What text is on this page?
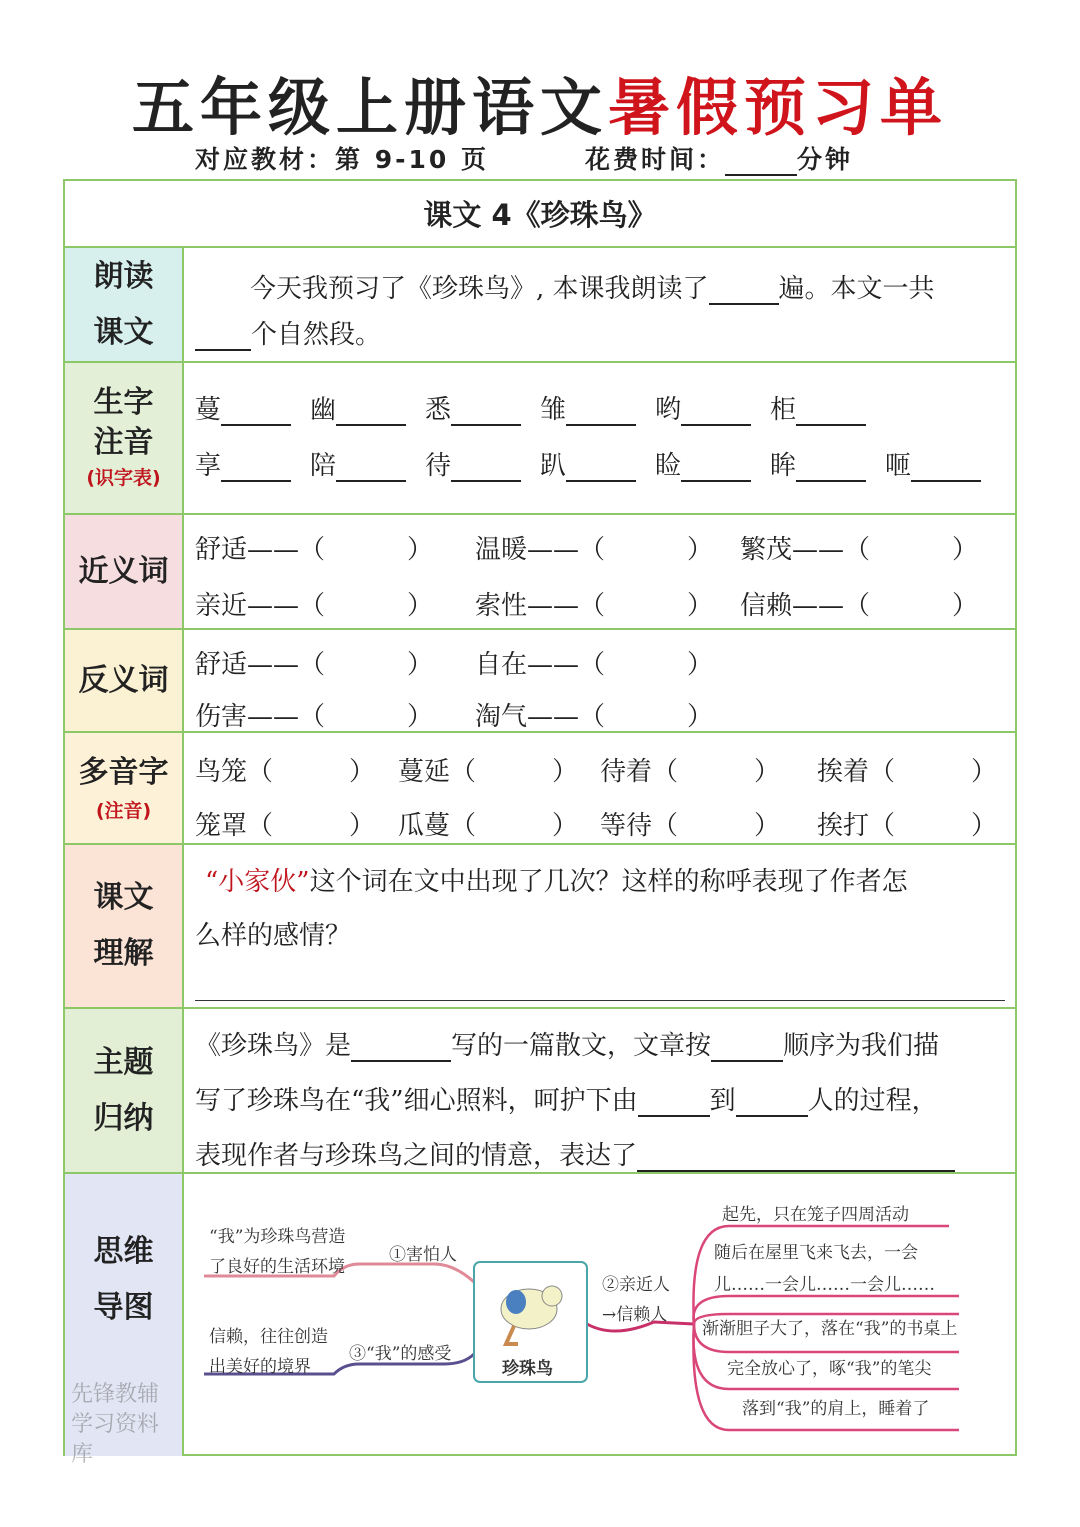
五年级上册语文暑假预习单
对应教材：第 9-10 页	花费时间：	分钟
课文 4《珍珠鸟》
朗读
课文
今天我预习了《珍珠鸟》, 本课我朗读了	遍。本文一共
个自然段。
生字
注音
(识字表)
蔓	幽	悉	雏	哟	柜
享	陪	待	趴	睑	眸	咂
近义词
舒适——（	） 温暖——（	） 繁茂——（	）
亲近——（	） 索性——（	） 信赖——（	）
反义词	舒适——（	） 自在——（	）
伤害——（	） 淘气——（	）
多音字
(注音)
鸟笼（	） 蔓延（	） 待着（	） 挨着（	）
笼罩（	） 瓜蔓（	） 等待（	） 挨打（	）
课文
理解
“小家伙”这个词在文中出现了几次？这样的称呼表现了作者怎
么样的感情？
主题
归纳
《珍珠鸟》是	写的一篇散文，文章按	顺序为我们描
写了珍珠鸟在“我”细心照料，呵护下由	到	人的过程，
表现作者与珍珠鸟之间的情意，表达了
思维
导图
先锋教辅学习资料库
珍珠鸟
“我”为珍珠鸟营造
了良好的生活环境
①害怕人
信赖，往往创造
出美好的境界
③“我”的感受
②亲近人
→信赖人
起先，只在笼子四周活动
随后在屋里飞来飞去，一会
儿……一会儿……一会儿……
渐渐胆子大了，落在“我”的书桌上
完全放心了，啄“我”的笔尖
落到“我”的肩上，睡着了
